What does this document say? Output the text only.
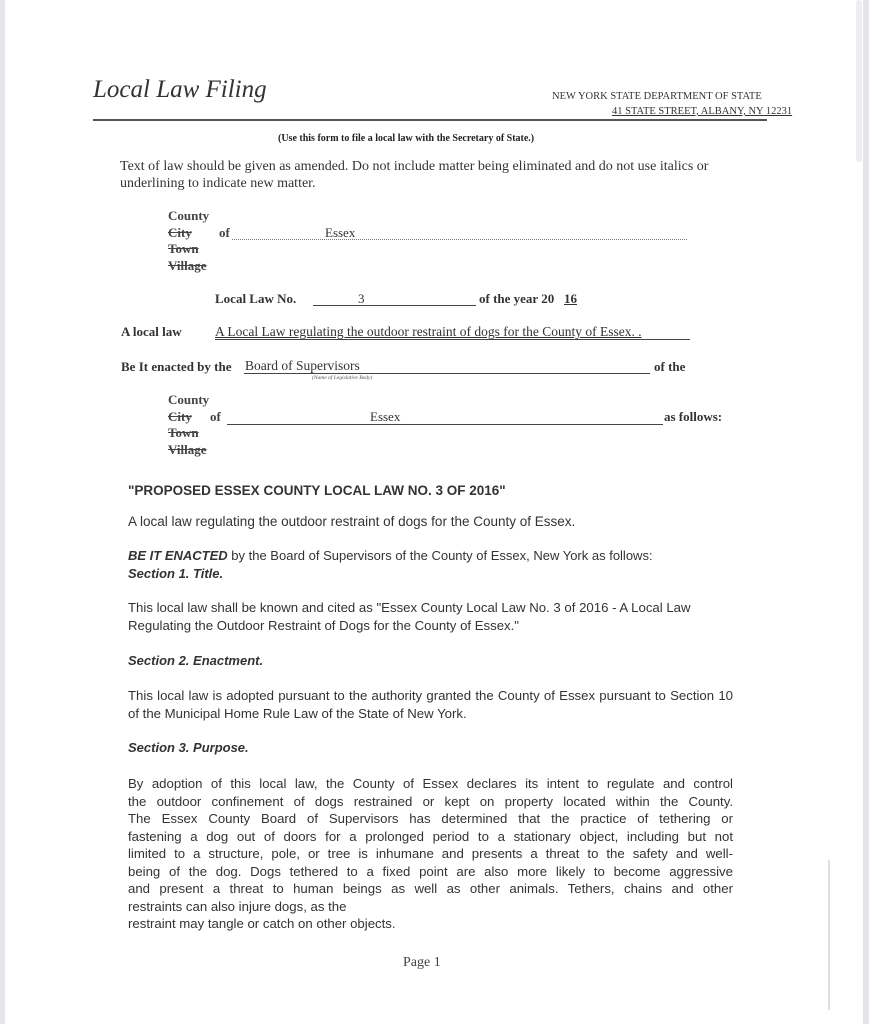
Local Law Filing	NEW YORK STATE DEPARTMENT OF STATE
41 STATE STREET, ALBANY, NY 12231
(Use this form to file a local law with the Secretary of State.)
Text of law should be given as amended. Do not include matter being eliminated and do not use italics or underlining to indicate new matter.
County
City
Town
Village
of	Essex
Local Law No.	3	of the year 20 16
A local law A Local Law regulating the outdoor restraint of dogs for the County of Essex. .
Be It enacted by the Board of Supervisors	of the
(Name of Legislative Body)
County
City
Town
Village
of	Essex	as follows:
"PROPOSED ESSEX COUNTY LOCAL LAW NO. 3 OF 2016"
A local law regulating the outdoor restraint of dogs for the County of Essex.
BE IT ENACTED by the Board of Supervisors of the County of Essex, New York as follows:
Section 1. Title.
This local law shall be known and cited as "Essex County Local Law No. 3 of 2016 - A Local Law Regulating the Outdoor Restraint of Dogs for the County of Essex."
Section 2. Enactment.
This local law is adopted pursuant to the authority granted the County of Essex pursuant to Section 10 of the Municipal Home Rule Law of the State of New York.
Section 3. Purpose.
By adoption of this local law, the County of Essex declares its intent to regulate and control
the outdoor confinement of dogs restrained or kept on property located within the County.
The Essex County Board of Supervisors has determined that the practice of tethering or
fastening a dog out of doors for a prolonged period to a stationary object, including but not
limited to a structure, pole, or tree is inhumane and presents a threat to the safety and well-
being of the dog. Dogs tethered to a fixed point are also more likely to become aggressive
and present a threat to human beings as well as other animals. Tethers, chains and other
restraints can also injure dogs, as the
restraint may tangle or catch on other objects.
Page 1
